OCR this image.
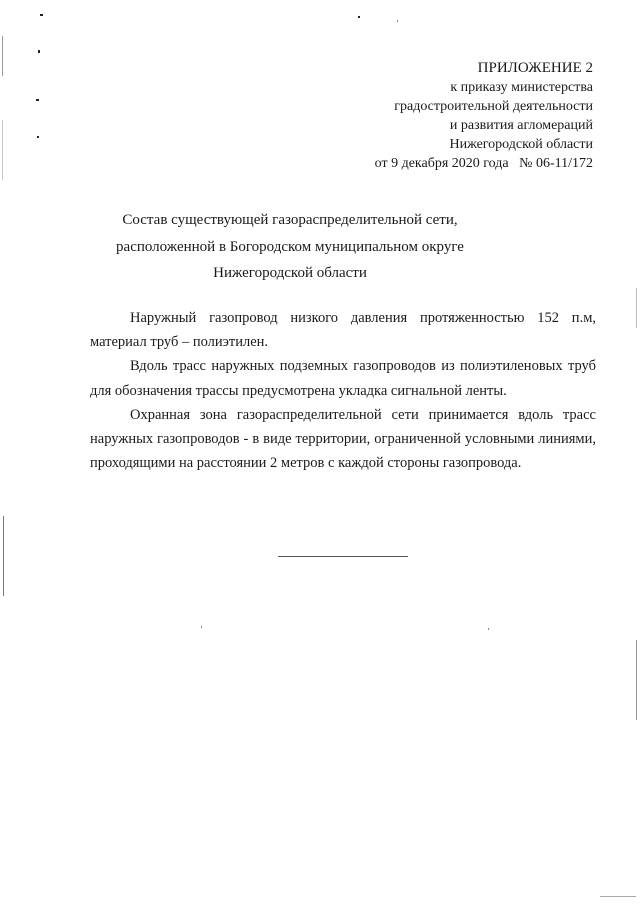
ПРИЛОЖЕНИЕ 2
к приказу министерства
градостроительной деятельности
и развития агломераций
Нижегородской области
от 9 декабря 2020 года   № 06-11/172
Состав существующей газораспределительной сети,
расположенной в Богородском муниципальном округе
Нижегородской области

Наружный газопровод низкого давления протяженностью 152 п.м, материал труб – полиэтилен.

Вдоль трасс наружных подземных газопроводов из полиэтиленовых труб для обозначения трассы предусмотрена укладка сигнальной ленты.

Охранная зона газораспределительной сети принимается вдоль трасс наружных газопроводов - в виде территории, ограниченной условными линиями, проходящими на расстоянии 2 метров с каждой стороны газопровода.
